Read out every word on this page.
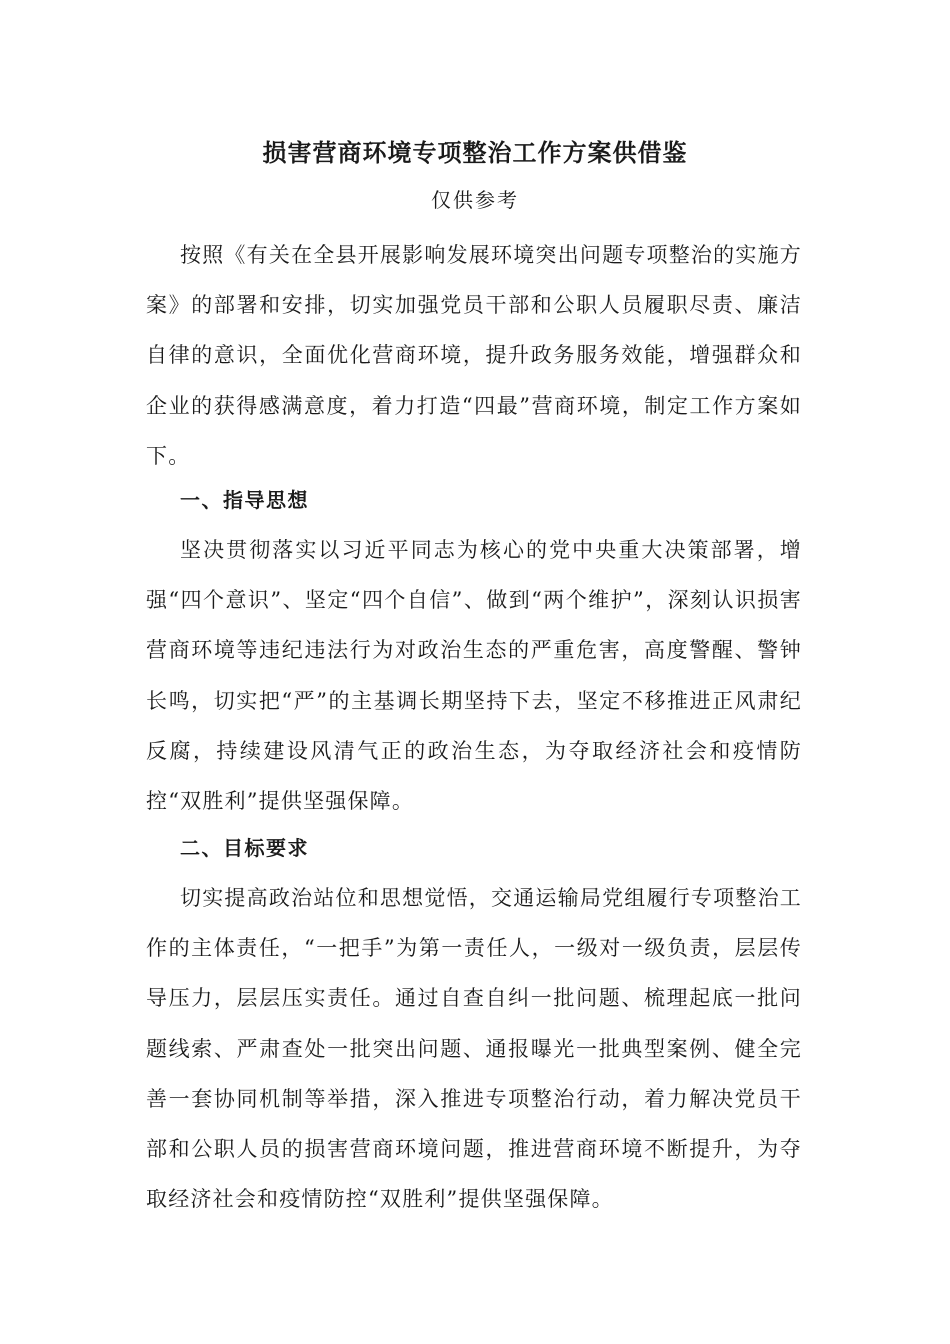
损害营商环境专项整治工作方案供借鉴
仅供参考

按照《有关在全县开展影响发展环境突出问题专项整治的实施方案》的部署和安排，切实加强党员干部和公职人员履职尽责、廉洁自律的意识，全面优化营商环境，提升政务服务效能，增强群众和企业的获得感满意度，着力打造“四最”营商环境，制定工作方案如下。

一、指导思想

坚决贯彻落实以习近平同志为核心的党中央重大决策部署，增强“四个意识”、坚定“四个自信”、做到“两个维护”，深刻认识损害营商环境等违纪违法行为对政治生态的严重危害，高度警醒、警钟长鸣，切实把“严”的主基调长期坚持下去，坚定不移推进正风肃纪反腐，持续建设风清气正的政治生态，为夺取经济社会和疫情防控“双胜利”提供坚强保障。

二、目标要求

切实提高政治站位和思想觉悟，交通运输局党组履行专项整治工作的主体责任，“一把手”为第一责任人，一级对一级负责，层层传导压力，层层压实责任。通过自查自纠一批问题、梳理起底一批问题线索、严肃查处一批突出问题、通报曝光一批典型案例、健全完善一套协同机制等举措，深入推进专项整治行动，着力解决党员干部和公职人员的损害营商环境问题，推进营商环境不断提升，为夺取经济社会和疫情防控“双胜利”提供坚强保障。
